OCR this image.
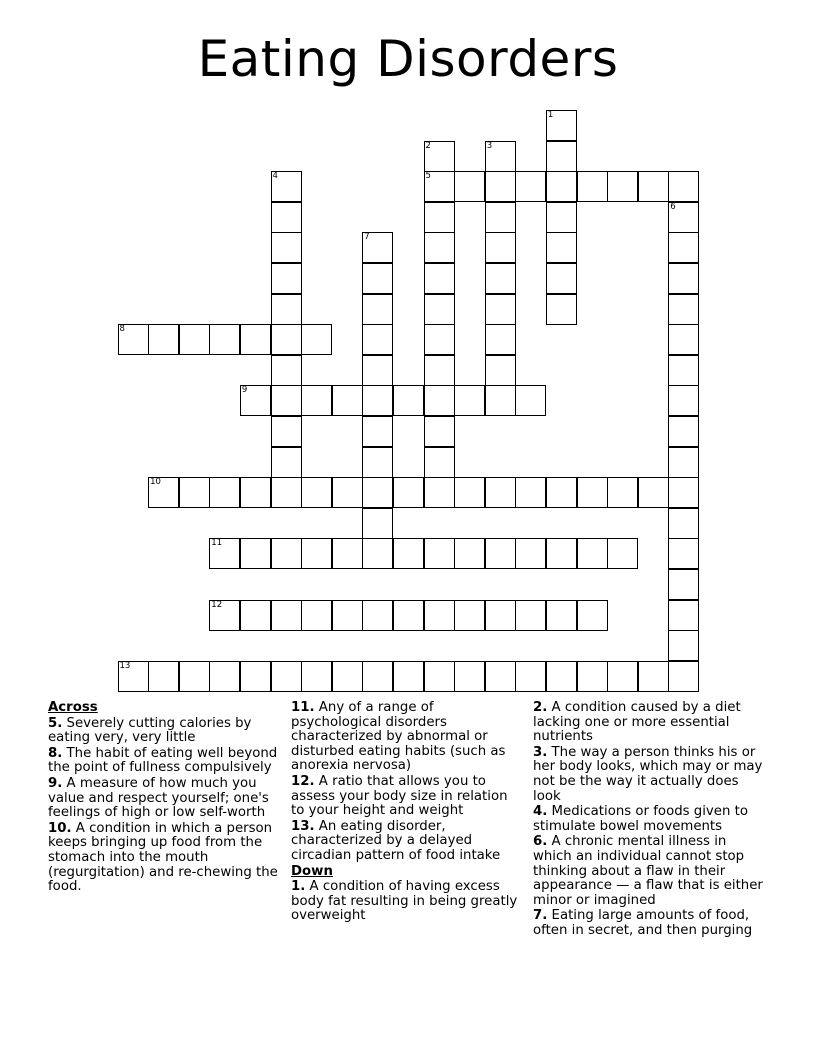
Eating Disorders
1
2
5
3
4
6
7
8
9
10
11
12
13

Across

5. Severely cutting calories by eating very, very little

8. The habit of eating well beyond the point of fullness compulsively

9. A measure of how much you value and respect yourself; one's feelings of high or low self-worth

10. A condition in which a person keeps bringing up food from the stomach into the mouth (regurgitation) and re-chewing the food.

11. Any of a range of psychological disorders characterized by abnormal or disturbed eating habits (such as anorexia nervosa)

12. A ratio that allows you to assess your body size in relation to your height and weight

13. An eating disorder, characterized by a delayed circadian pattern of food intake

Down

1. A condition of having excess body fat resulting in being greatly overweight

2. A condition caused by a diet lacking one or more essential nutrients

3. The way a person thinks his or her body looks, which may or may not be the way it actually does look

4. Medications or foods given to stimulate bowel movements

6. A chronic mental illness in which an individual cannot stop thinking about a flaw in their appearance — a flaw that is either minor or imagined

7. Eating large amounts of food, often in secret, and then purging
